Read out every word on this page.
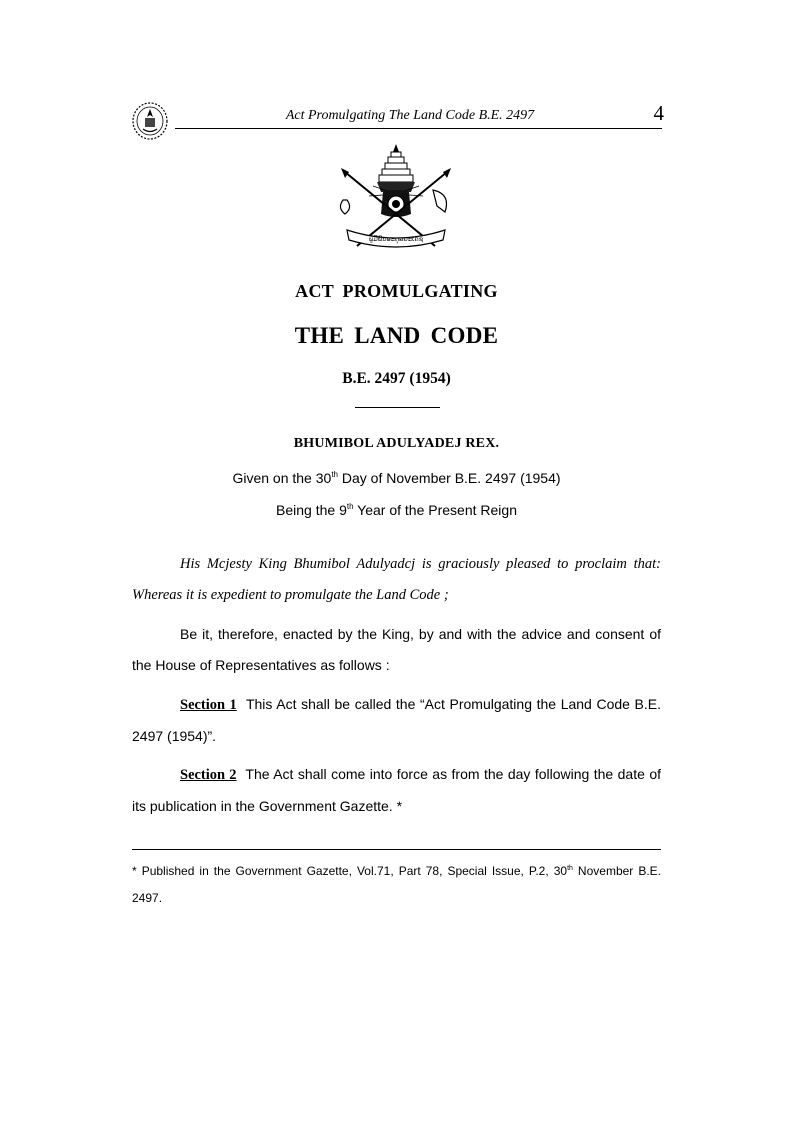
Act Promulgating The Land Code B.E. 2497	4
ພູມິພົນອະດຸລຍະເດຊ
ACT PROMULGATING
THE LAND CODE
B.E. 2497 (1954)
BHUMIBOL ADULYADEJ REX.
Given on the 30th Day of November B.E. 2497 (1954)
Being the 9th Year of the Present Reign
His Mcjesty King Bhumibol Adulyadcj is graciously pleased to proclaim that: Whereas it is expedient to promulgate the Land Code ;
Be it, therefore, enacted by the King, by and with the advice and consent of the House of Representatives as follows :
Section 1 This Act shall be called the “Act Promulgating the Land Code B.E. 2497 (1954)”.
Section 2 The Act shall come into force as from the day following the date of its publication in the Government Gazette. *
* Published in the Government Gazette, Vol.71, Part 78, Special Issue, P.2, 30th November B.E. 2497.
